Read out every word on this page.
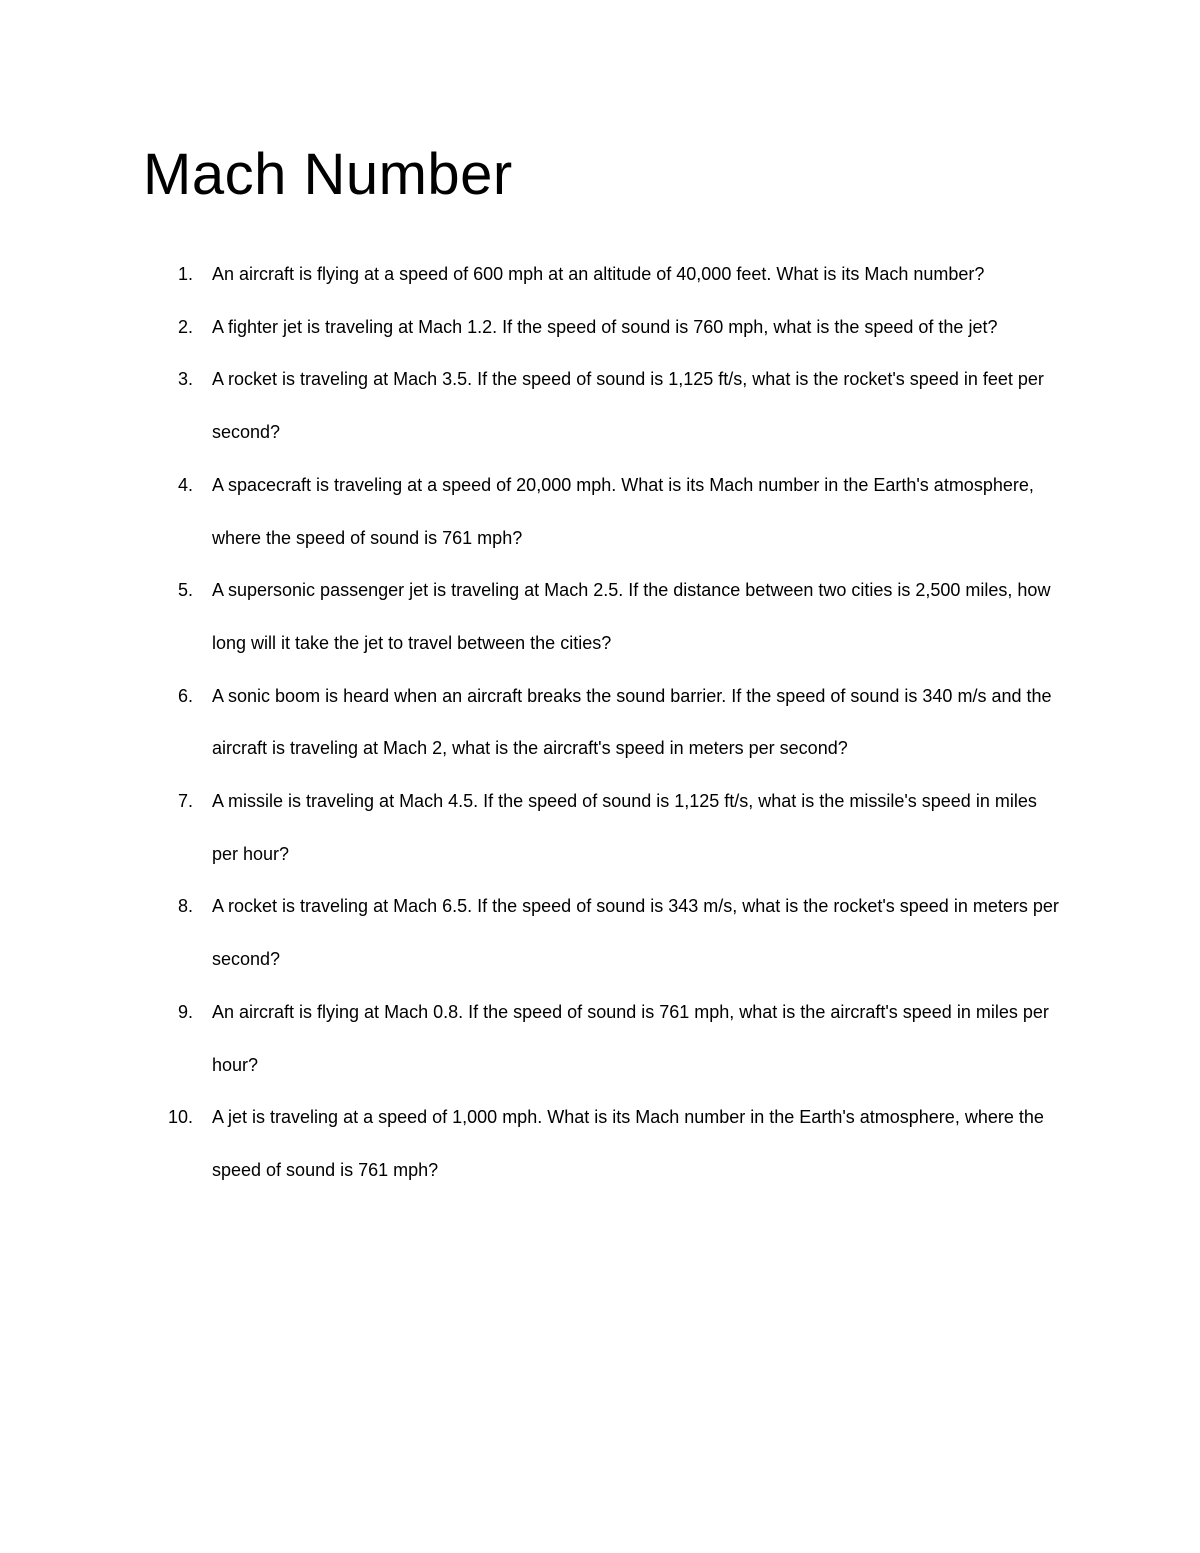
Mach Number
1. An aircraft is flying at a speed of 600 mph at an altitude of 40,000 feet. What is its Mach number?
2. A fighter jet is traveling at Mach 1.2. If the speed of sound is 760 mph, what is the speed of the jet?
3. A rocket is traveling at Mach 3.5. If the speed of sound is 1,125 ft/s, what is the rocket's speed in feet per second?
4. A spacecraft is traveling at a speed of 20,000 mph. What is its Mach number in the Earth's atmosphere, where the speed of sound is 761 mph?
5. A supersonic passenger jet is traveling at Mach 2.5. If the distance between two cities is 2,500 miles, how long will it take the jet to travel between the cities?
6. A sonic boom is heard when an aircraft breaks the sound barrier. If the speed of sound is 340 m/s and the aircraft is traveling at Mach 2, what is the aircraft's speed in meters per second?
7. A missile is traveling at Mach 4.5. If the speed of sound is 1,125 ft/s, what is the missile's speed in miles per hour?
8. A rocket is traveling at Mach 6.5. If the speed of sound is 343 m/s, what is the rocket's speed in meters per second?
9. An aircraft is flying at Mach 0.8. If the speed of sound is 761 mph, what is the aircraft's speed in miles per hour?
10. A jet is traveling at a speed of 1,000 mph. What is its Mach number in the Earth's atmosphere, where the speed of sound is 761 mph?
